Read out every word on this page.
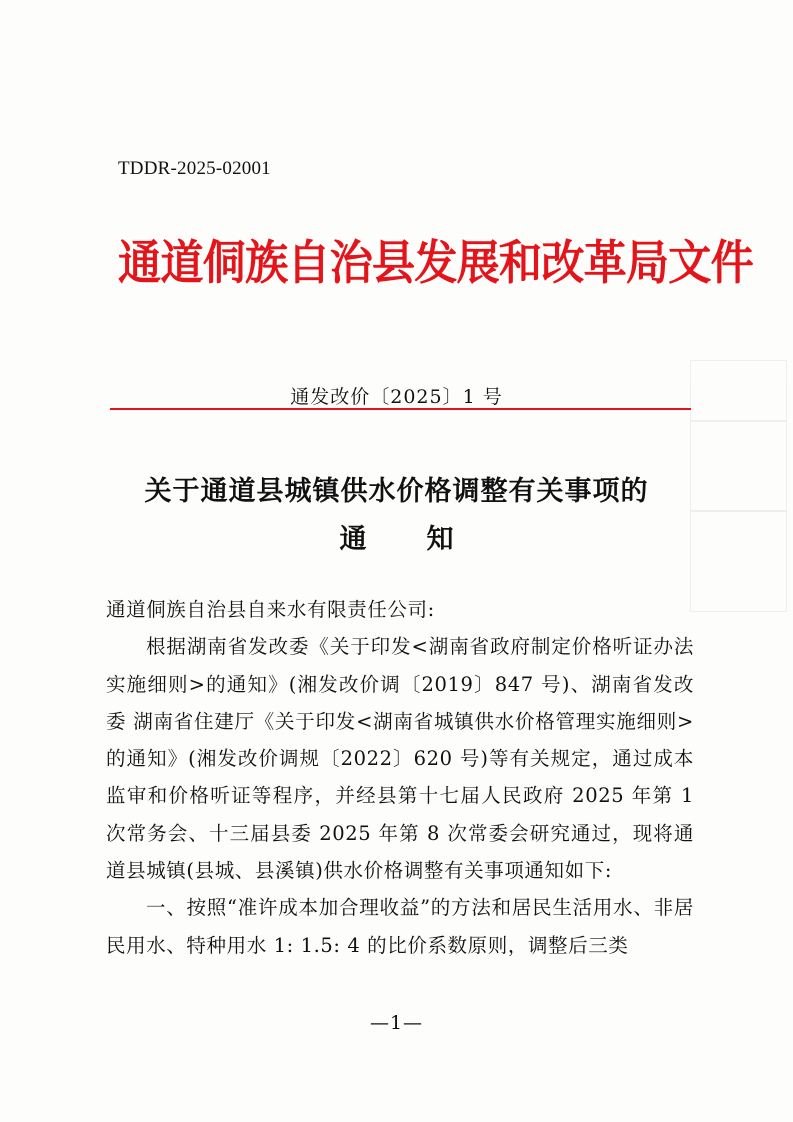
TDDR-2025-02001
通道侗族自治县发展和改革局文件
通发改价〔2025〕1 号
关于通道县城镇供水价格调整有关事项的
通知

通道侗族自治县自来水有限责任公司:

根据湖南省发改委《关于印发<湖南省政府制定价格听证办法实施细则>的通知》(湘发改价调〔2019〕847 号)、湖南省发改委 湖南省住建厅《关于印发<湖南省城镇供水价格管理实施细则>的通知》(湘发改价调规〔2022〕620 号)等有关规定，通过成本监审和价格听证等程序，并经县第十七届人民政府 2025 年第 1 次常务会、十三届县委 2025 年第 8 次常委会研究通过，现将通道县城镇(县城、县溪镇)供水价格调整有关事项通知如下:

一、按照“准许成本加合理收益”的方法和居民生活用水、非居民用水、特种用水 1: 1.5: 4 的比价系数原则，调整后三类

—1—
